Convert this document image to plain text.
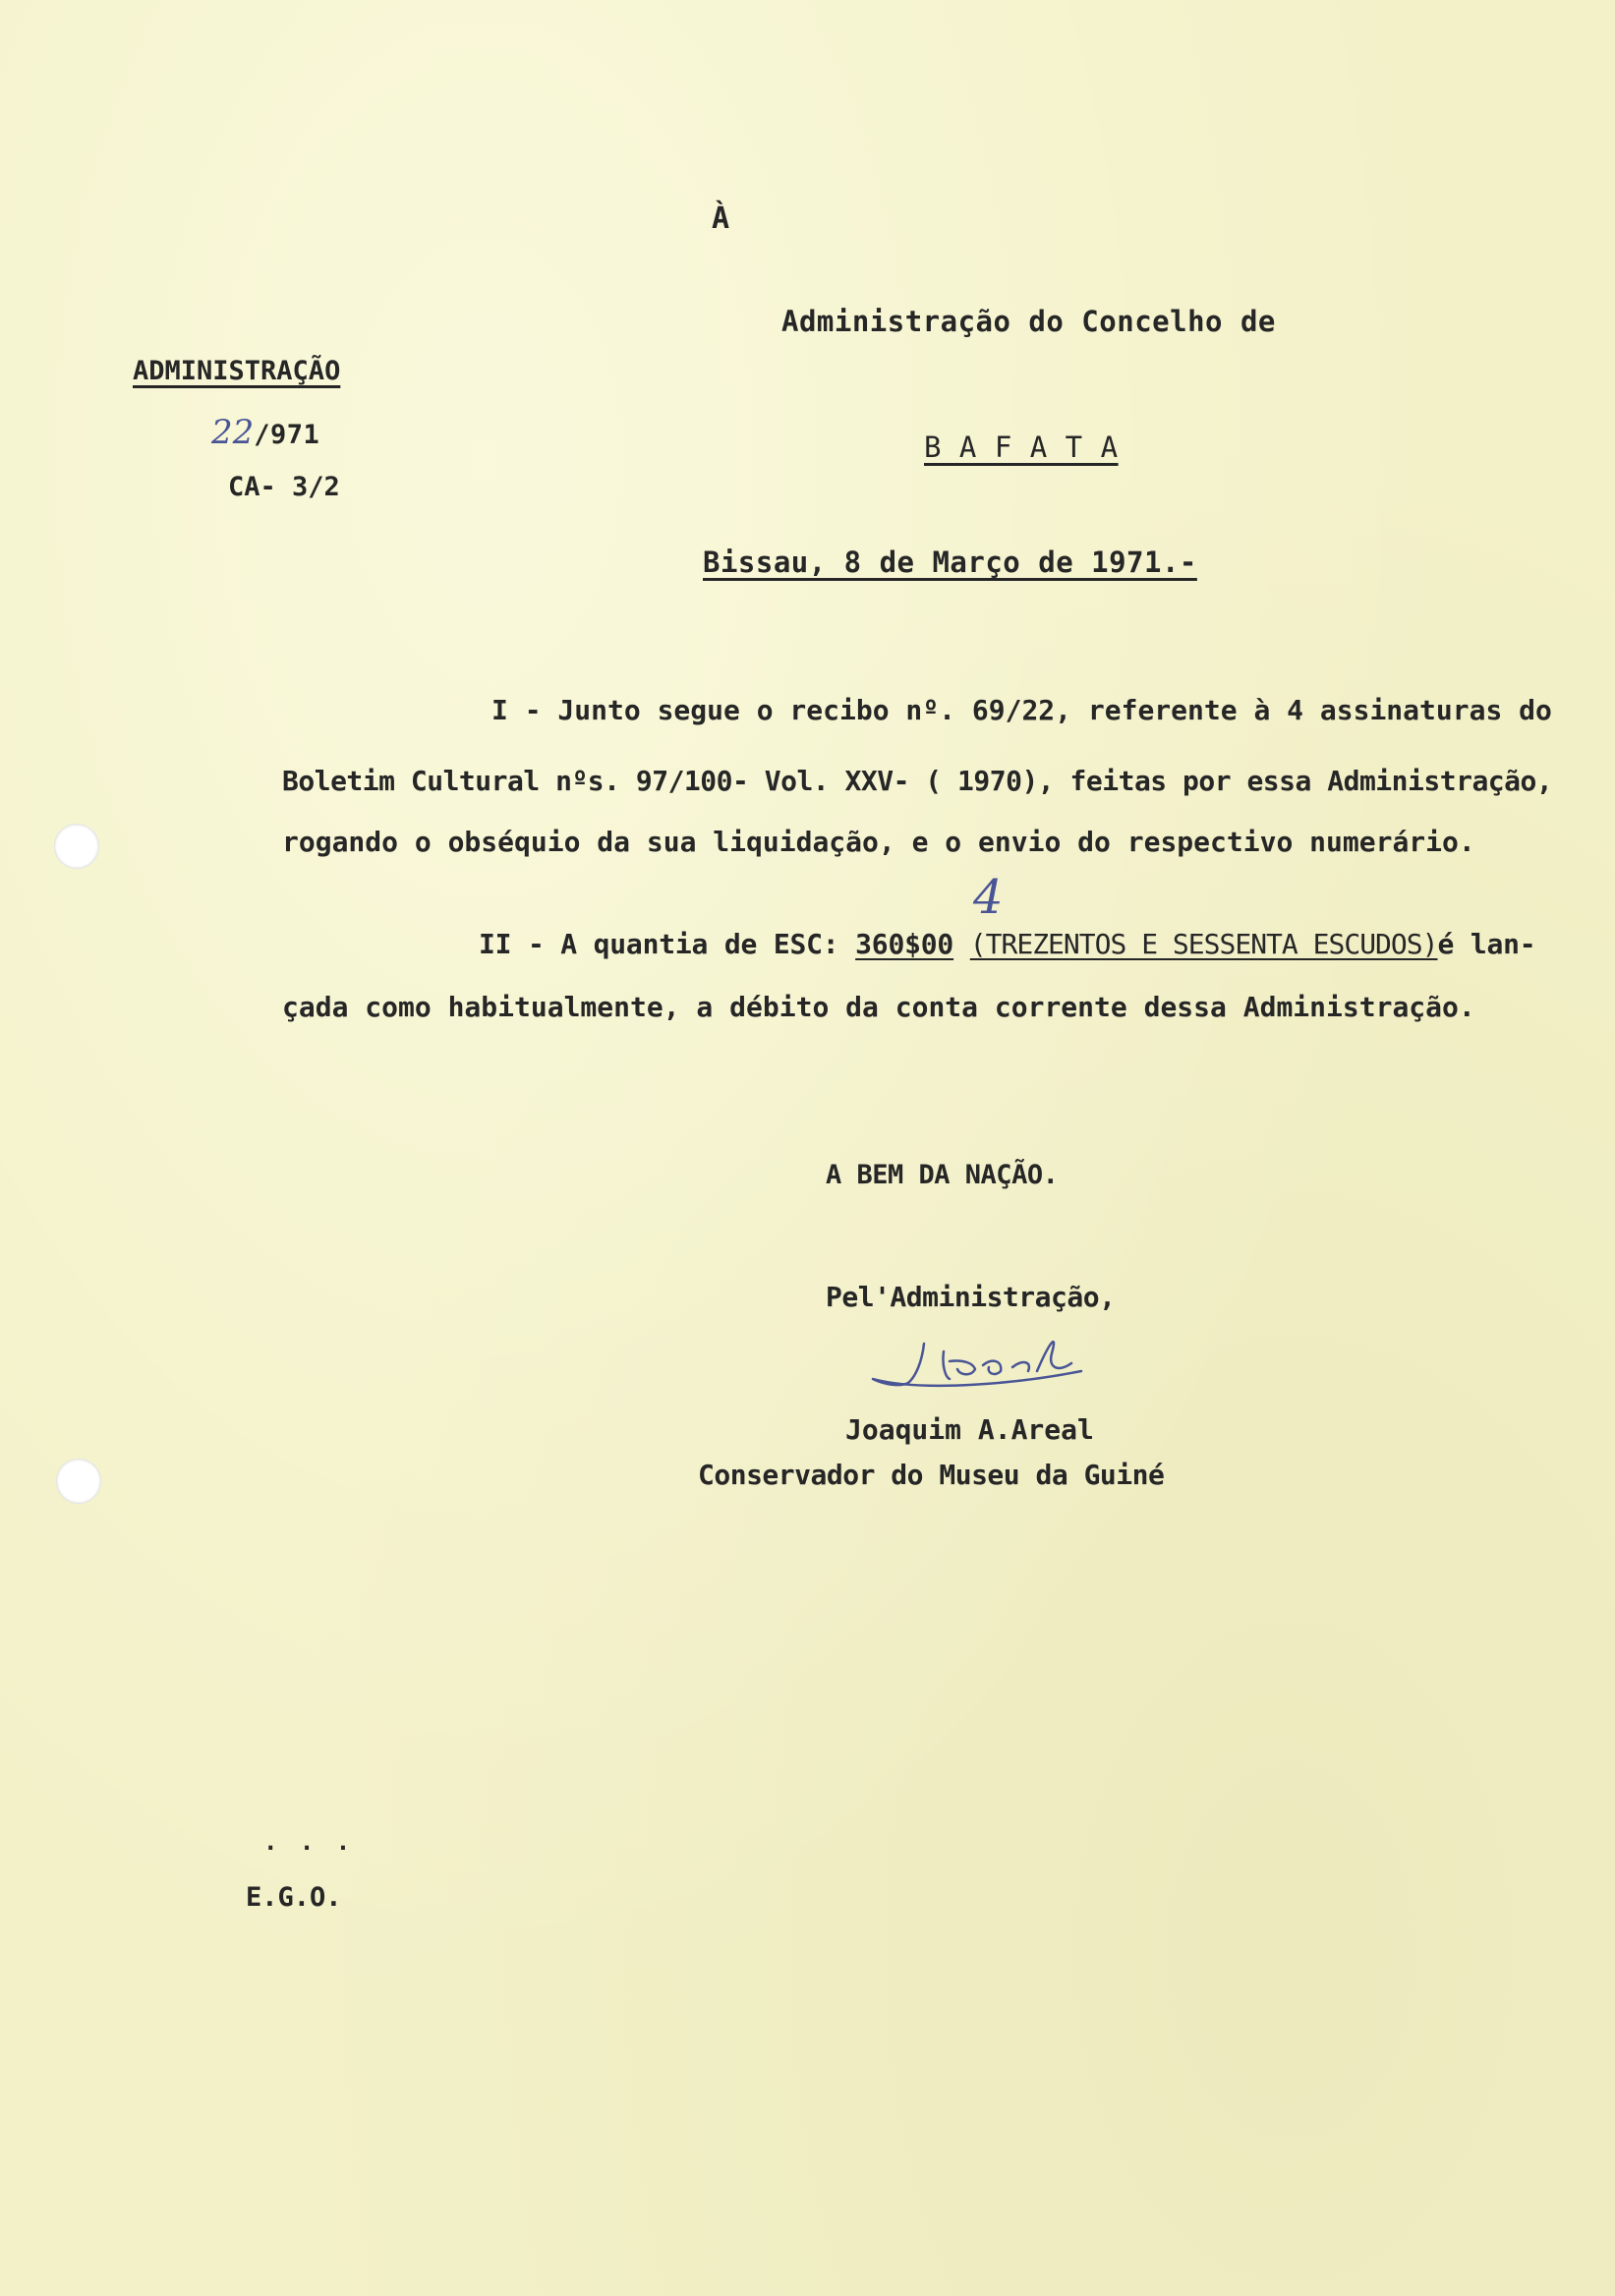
À
Administração do Concelho de
B A F A T A
ADMINISTRAÇÃO
22/971
CA- 3/2
Bissau, 8 de Março de 1971.-
I - Junto segue o recibo nº. 69/22, referente à 4 assinaturas do
Boletim Cultural nºs. 97/100- Vol. XXV- ( 1970), feitas por essa Administração,
rogando o obséquio da sua liquidação, e o envio do respectivo numerário.
II - A quantia de ESC: 360$00 (TREZENTOS E SESSENTA ESCUDOS)é lan-
4
çada como habitualmente, a débito da conta corrente dessa Administração.
A BEM DA NAÇÃO.
Pel'Administração,
Joaquim A.Areal
Conservador do Museu da Guiné
. . .
E.G.O.
